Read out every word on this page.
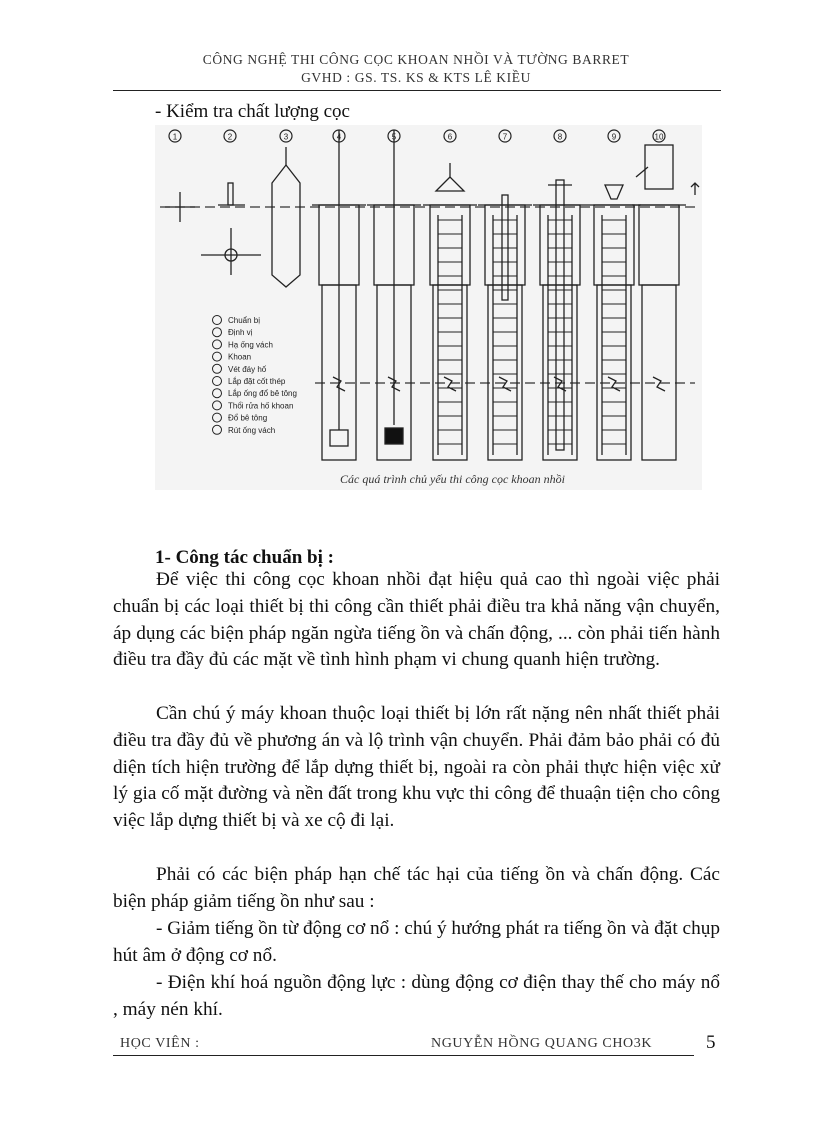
CÔNG NGHỆ THI CÔNG CỌC KHOAN NHỒI VÀ TƯỜNG BARRET
GVHD : GS. TS. KS & KTS LÊ KIỀU
- Kiểm tra chất lượng cọc
1	2	3	4	5	6	7	8	9	10
Chuẩn bị
Định vị
Hạ ống vách
Khoan
Vét đáy hố
Lắp đặt cốt thép
Lắp ống đổ bê tông
Thổi rửa hố khoan
Đổ bê tông
Rút ống vách
Các quá trình chủ yếu thi công cọc khoan nhồi
1- Công tác chuẩn bị :

Để việc thi công cọc khoan nhồi đạt hiệu quả cao thì ngoài việc phải chuẩn bị các loại thiết bị thi công cần thiết phải điều tra khả năng vận chuyển, áp dụng các biện pháp ngăn ngừa tiếng ồn và chấn động, ... còn phải tiến hành điều tra đầy đủ các mặt về tình hình phạm vi chung quanh hiện trường.

Cần chú ý máy khoan thuộc loại thiết bị lớn rất nặng nên nhất thiết phải điều tra đầy đủ về phương án và lộ trình vận chuyển. Phải đảm bảo phải có đủ diện tích hiện trường để lắp dựng thiết bị, ngoài ra còn phải thực hiện việc xử lý gia cố mặt đường và nền đất trong khu vực thi công để thuaận tiện cho công việc lắp dựng thiết bị và xe cộ đi lại.

Phải có các biện pháp hạn chế tác hại của tiếng ồn và chấn động. Các biện pháp giảm tiếng ồn như sau :

- Giảm tiếng ồn từ động cơ nổ : chú ý hướng phát ra tiếng ồn và đặt chụp hút âm ở động cơ nổ.

- Điện khí hoá nguồn động lực : dùng động cơ điện thay thế cho máy nổ , máy nén khí.

HỌC VIÊN :	NGUYỄN HỒNG QUANG CHO3K	5
